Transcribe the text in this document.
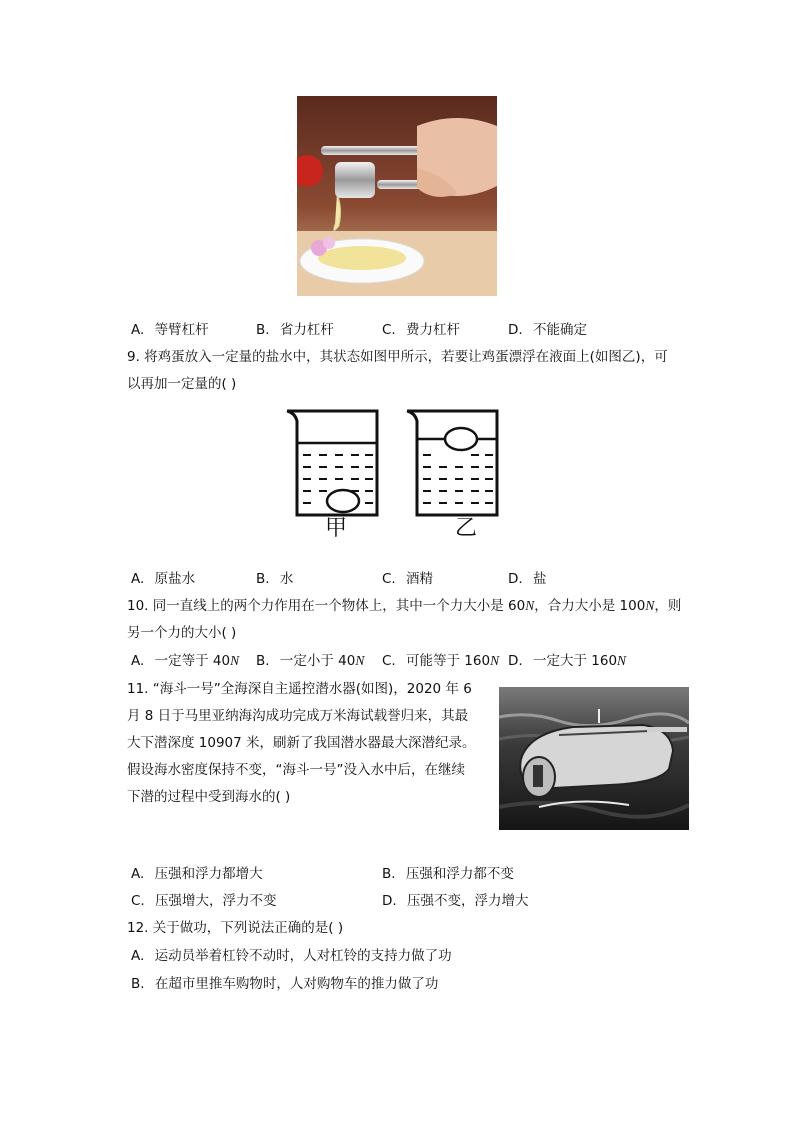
A. 等臂杠杆	B. 省力杠杆	C. 费力杠杆	D. 不能确定
9. 将鸡蛋放入一定量的盐水中，其状态如图甲所示，若要让鸡蛋漂浮在液面上(如图乙)，可
以再加一定量的( )
甲	乙
A. 原盐水	B. 水	C. 酒精	D. 盐
10. 同一直线上的两个力作用在一个物体上，其中一个力大小是 60N，合力大小是 100N，则
另一个力的大小( )
A. 一定等于 40N B. 一定小于 40N C. 可能等于 160N D. 一定大于 160N
11. “海斗一号”全海深自主遥控潜水器(如图)，2020 年 6
月 8 日于马里亚纳海沟成功完成万米海试载誉归来，其最
大下潜深度 10907 米，刷新了我国潜水器最大深潜纪录。
假设海水密度保持不变，“海斗一号”没入水中后，在继续
下潜的过程中受到海水的( )
A. 压强和浮力都增大	B. 压强和浮力都不变
C. 压强增大，浮力不变	D. 压强不变，浮力增大
12. 关于做功，下列说法正确的是( )
A. 运动员举着杠铃不动时，人对杠铃的支持力做了功
B. 在超市里推车购物时，人对购物车的推力做了功
